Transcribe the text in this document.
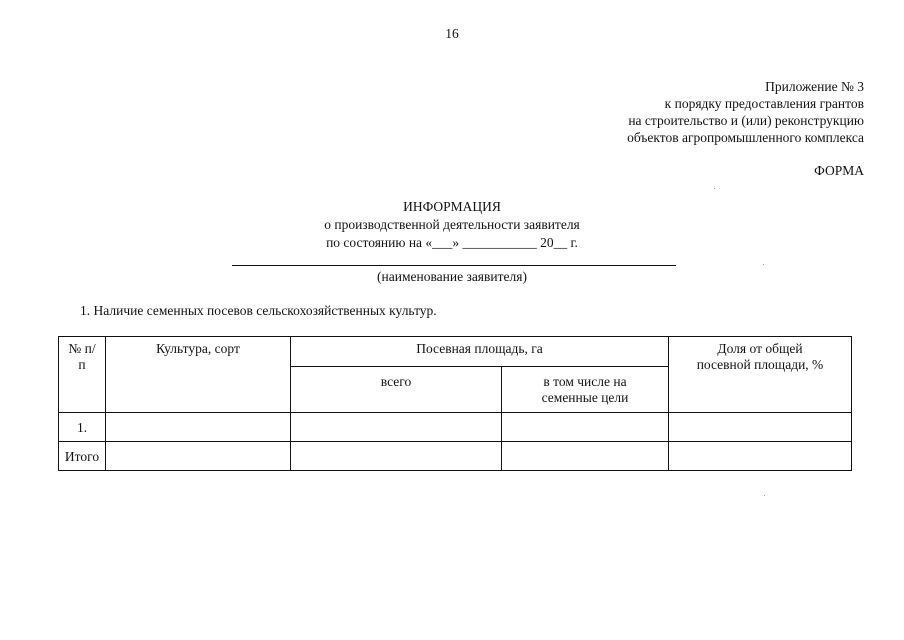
16
Приложение № 3
к порядку предоставления грантов
на строительство и (или) реконструкцию
объектов агропромышленного комплекса
ФОРМА
ИНФОРМАЦИЯ
о производственной деятельности заявителя
по состоянию на «___» ___________ 20__ г.
(наименование заявителя)
1. Наличие семенных посевов сельскохозяйственных культур.
№ п/п	Культура, сорт	Посевная площадь, га		Доля от общей посевной площади, %
		всего	в том числе на семенные цели	
1.				
Итого				
